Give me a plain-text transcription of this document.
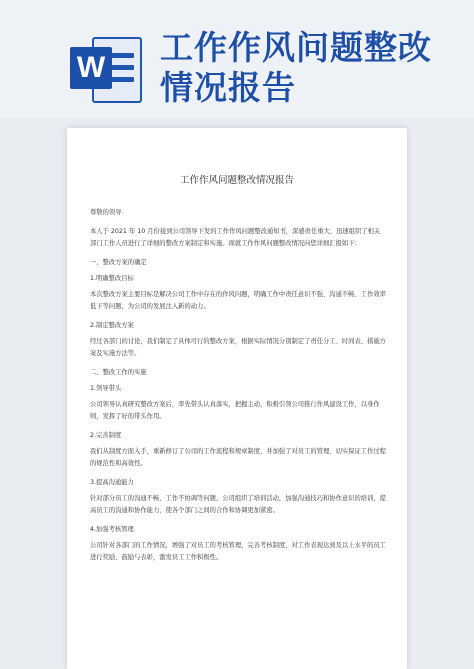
W
工作作风问题整改情况报告
工作作风问题整改情况报告

尊敬的领导：

本人于 2021 年 10 月份接到公司领导下发的工作作风问题整改通知书，深感责任重大，迅速组织了相关部门工作人员进行了详细的整改方案制定和实施。现就工作作风问题整改情况向您详细汇报如下：

一、整改方案的确定

1.明确整改目标

本次整改方案主要目标是解决公司工作中存在的作风问题，明确工作中责任意识不强、沟通不畅、工作效率低下等问题，为公司的发展注入新的动力。

2.制定整改方案

经过各部门的讨论，我们制定了具体可行的整改方案，根据实际情况分别制定了责任分工、时间表、措施方案及实施方法等。

二、整改工作的实施

1.领导带头

公司领导认真研究整改方案后，率先带头认真落实，把握主动，积极引领公司推行作风建设工作，以身作则，发挥了好的带头作用。

2.完善制度

我们从制度方面入手，重新修订了公司的工作流程和规章制度，并加强了对员工的管理，切实保证工作过程的规范性和高效性。

3.提高沟通能力

针对部分员工的沟通不畅、工作不协调等问题，公司组织了培训活动，加强沟通技巧和协作意识的培训，提高员工的沟通和协作能力，使各个部门之间的合作和协调更加紧密。

4.加强考核管理

公司针对各部门的工作情况，增强了对员工的考核管理，完善考核制度，对工作表现达到及以上水平的员工进行奖励、鼓励与表彰，激发员工工作积极性。
